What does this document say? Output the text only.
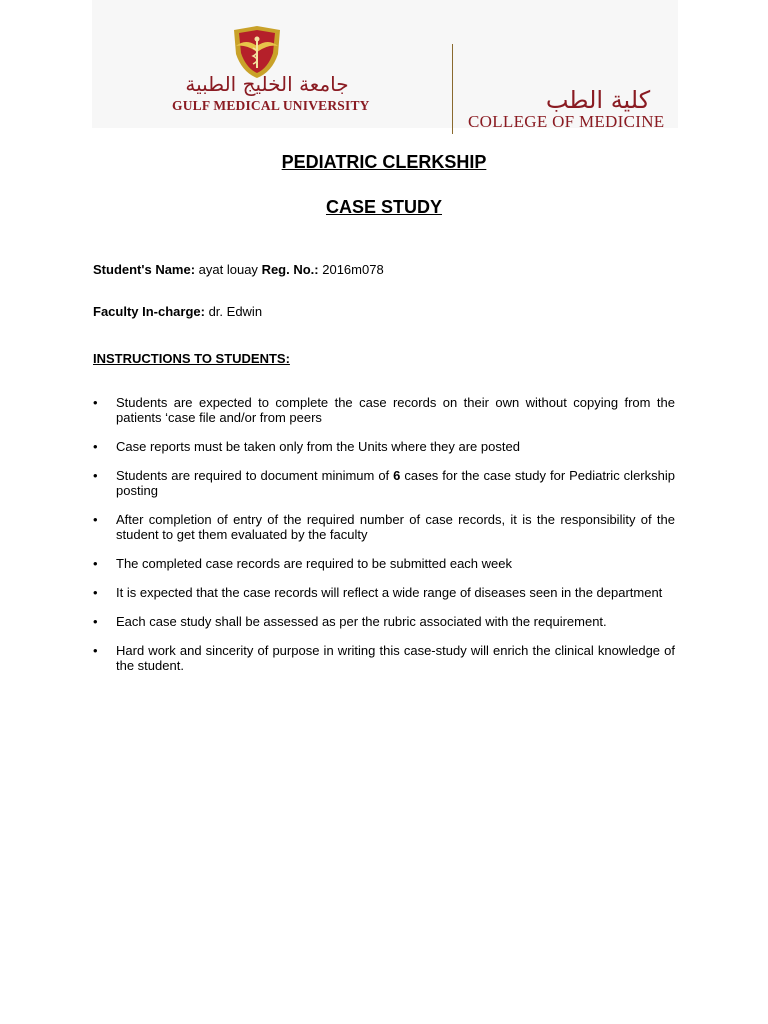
جامعة الخليج الطبية
GULF MEDICAL UNIVERSITY	كلية الطب
COLLEGE OF MEDICINE
PEDIATRIC CLERKSHIP
CASE STUDY
Student's Name: ayat louay Reg. No.: 2016m078
Faculty In-charge: dr. Edwin
INSTRUCTIONS TO STUDENTS:
• Students are expected to complete the case records on their own without copying from the patients ‘case file and/or from peers
• Case reports must be taken only from the Units where they are posted
• Students are required to document minimum of 6 cases for the case study for Pediatric clerkship posting
• After completion of entry of the required number of case records, it is the responsibility of the student to get them evaluated by the faculty
• The completed case records are required to be submitted each week
• It is expected that the case records will reflect a wide range of diseases seen in the department
• Each case study shall be assessed as per the rubric associated with the requirement.
• Hard work and sincerity of purpose in writing this case-study will enrich the clinical knowledge of the student.
